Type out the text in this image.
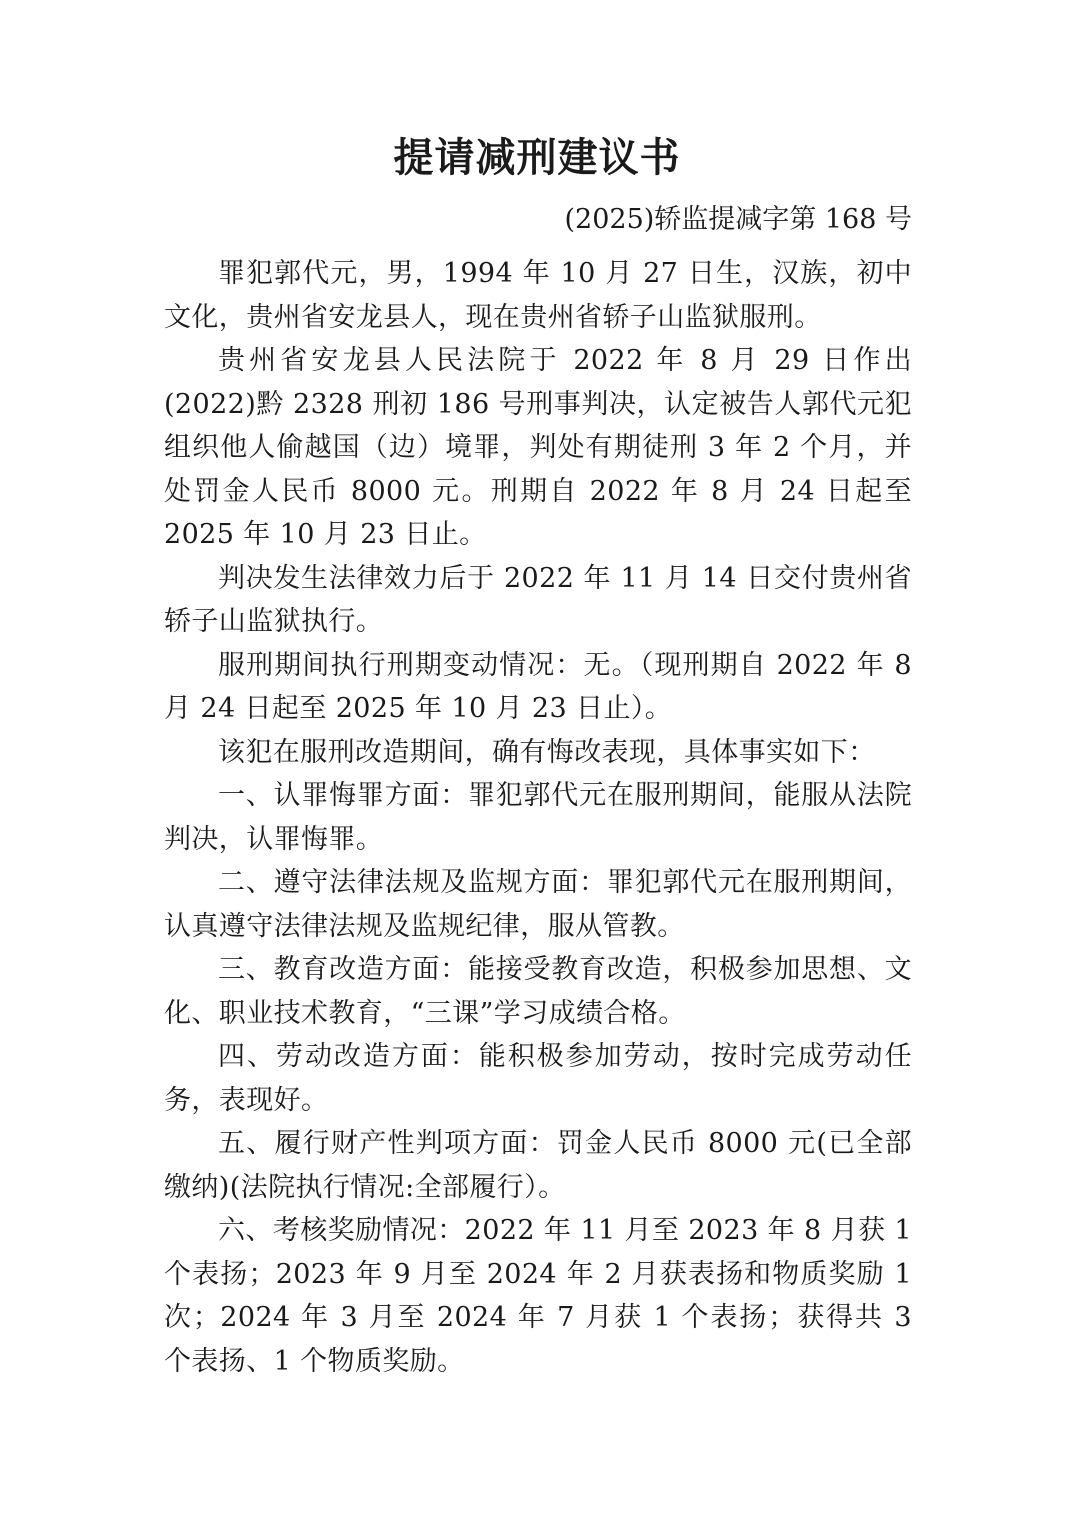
提请减刑建议书
(2025)轿监提减字第 168 号

罪犯郭代元，男，1994 年 10 月 27 日生，汉族，初中文化，贵州省安龙县人，现在贵州省轿子山监狱服刑。

贵州省安龙县人民法院于 2022 年 8 月 29 日作出(2022)黔 2328 刑初 186 号刑事判决，认定被告人郭代元犯组织他人偷越国（边）境罪，判处有期徒刑 3 年 2 个月，并处罚金人民币 8000 元。刑期自 2022 年 8 月 24 日起至 2025 年 10 月 23 日止。

判决发生法律效力后于 2022 年 11 月 14 日交付贵州省轿子山监狱执行。

服刑期间执行刑期变动情况：无。（现刑期自 2022 年 8 月 24 日起至 2025 年 10 月 23 日止）。

该犯在服刑改造期间，确有悔改表现，具体事实如下：

一、认罪悔罪方面：罪犯郭代元在服刑期间，能服从法院判决，认罪悔罪。

二、遵守法律法规及监规方面：罪犯郭代元在服刑期间，认真遵守法律法规及监规纪律，服从管教。

三、教育改造方面：能接受教育改造，积极参加思想、文化、职业技术教育，“三课”学习成绩合格。

四、劳动改造方面：能积极参加劳动，按时完成劳动任务，表现好。

五、履行财产性判项方面：罚金人民币 8000 元(已全部缴纳)(法院执行情况:全部履行）。

六、考核奖励情况：2022 年 11 月至 2023 年 8 月获 1 个表扬；2023 年 9 月至 2024 年 2 月获表扬和物质奖励 1 次；2024 年 3 月至 2024 年 7 月获 1 个表扬；获得共 3 个表扬、1 个物质奖励。
